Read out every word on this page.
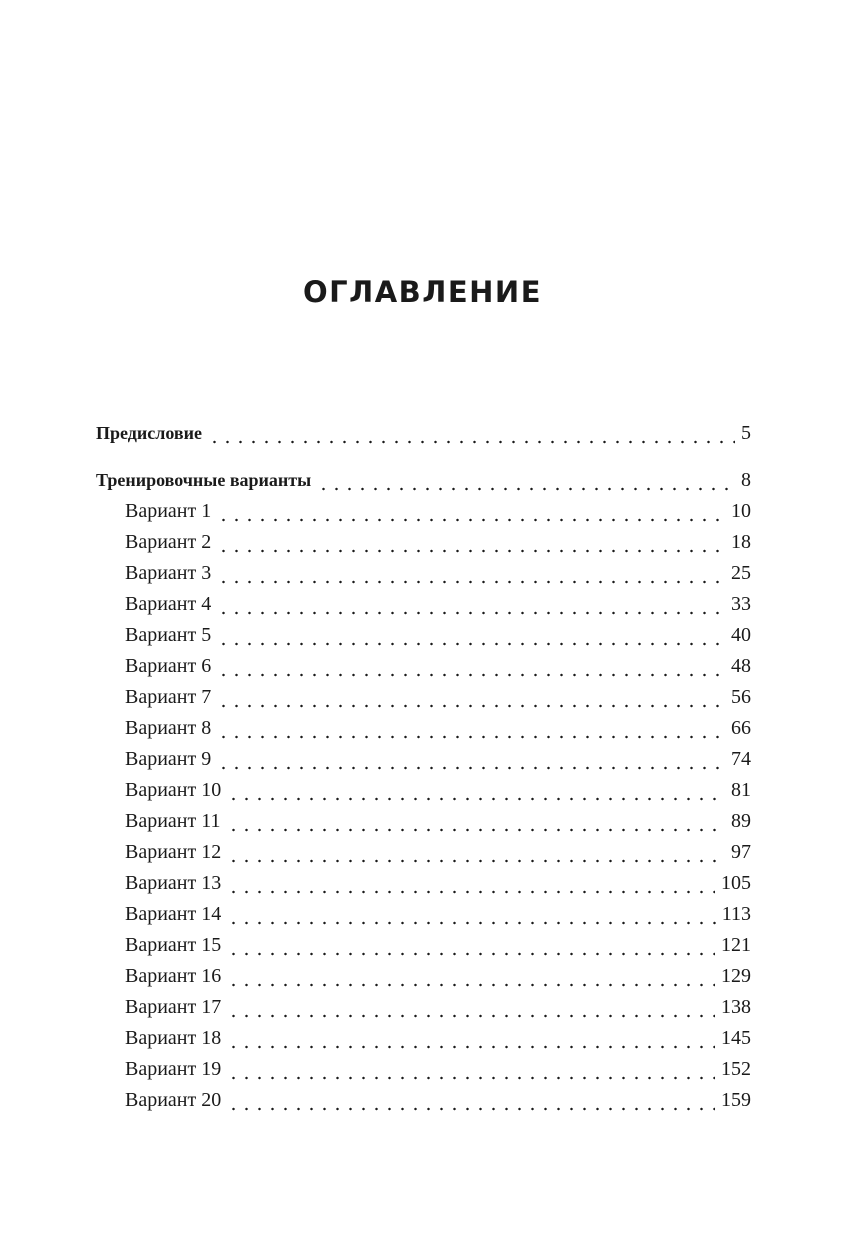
ОГЛАВЛЕНИЕ
Предисловие	5
Тренировочные варианты	8
Вариант 1	10
Вариант 2	18
Вариант 3	25
Вариант 4	33
Вариант 5	40
Вариант 6	48
Вариант 7	56
Вариант 8	66
Вариант 9	74
Вариант 10	81
Вариант 11	89
Вариант 12	97
Вариант 13	105
Вариант 14	113
Вариант 15	121
Вариант 16	129
Вариант 17	138
Вариант 18	145
Вариант 19	152
Вариант 20	159
